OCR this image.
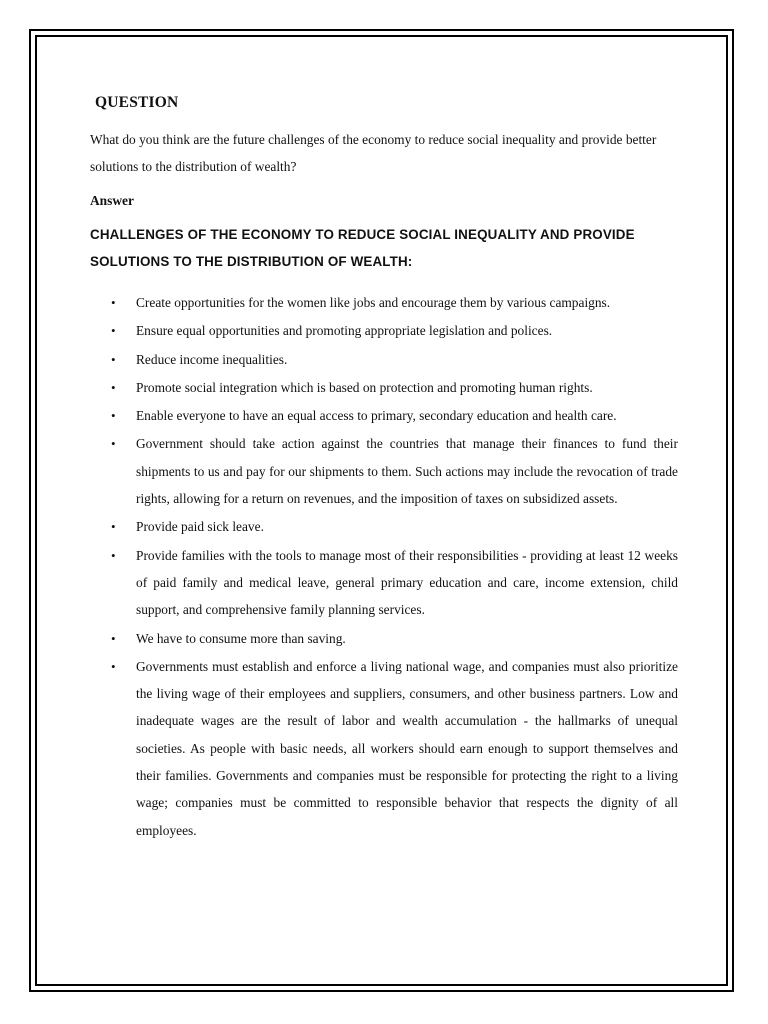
QUESTION

What do you think are the future challenges of the economy to reduce social inequality and provide better solutions to the distribution of wealth?

Answer
CHALLENGES OF THE ECONOMY TO REDUCE SOCIAL INEQUALITY AND PROVIDE SOLUTIONS TO THE DISTRIBUTION OF WEALTH:
• Create opportunities for the women like jobs and encourage them by various campaigns.
• Ensure equal opportunities and promoting appropriate legislation and polices.
• Reduce income inequalities.
• Promote social integration which is based on protection and promoting human rights.
• Enable everyone to have an equal access to primary, secondary education and health care.
• Government should take action against the countries that manage their finances to fund their shipments to us and pay for our shipments to them. Such actions may include the revocation of trade rights, allowing for a return on revenues, and the imposition of taxes on subsidized assets.
• Provide paid sick leave.
• Provide families with the tools to manage most of their responsibilities - providing at least 12 weeks of paid family and medical leave, general primary education and care, income extension, child support, and comprehensive family planning services.
• We have to consume more than saving.
• Governments must establish and enforce a living national wage, and companies must also prioritize the living wage of their employees and suppliers, consumers, and other business partners. Low and inadequate wages are the result of labor and wealth accumulation - the hallmarks of unequal societies. As people with basic needs, all workers should earn enough to support themselves and their families. Governments and companies must be responsible for protecting the right to a living wage; companies must be committed to responsible behavior that respects the dignity of all employees.
